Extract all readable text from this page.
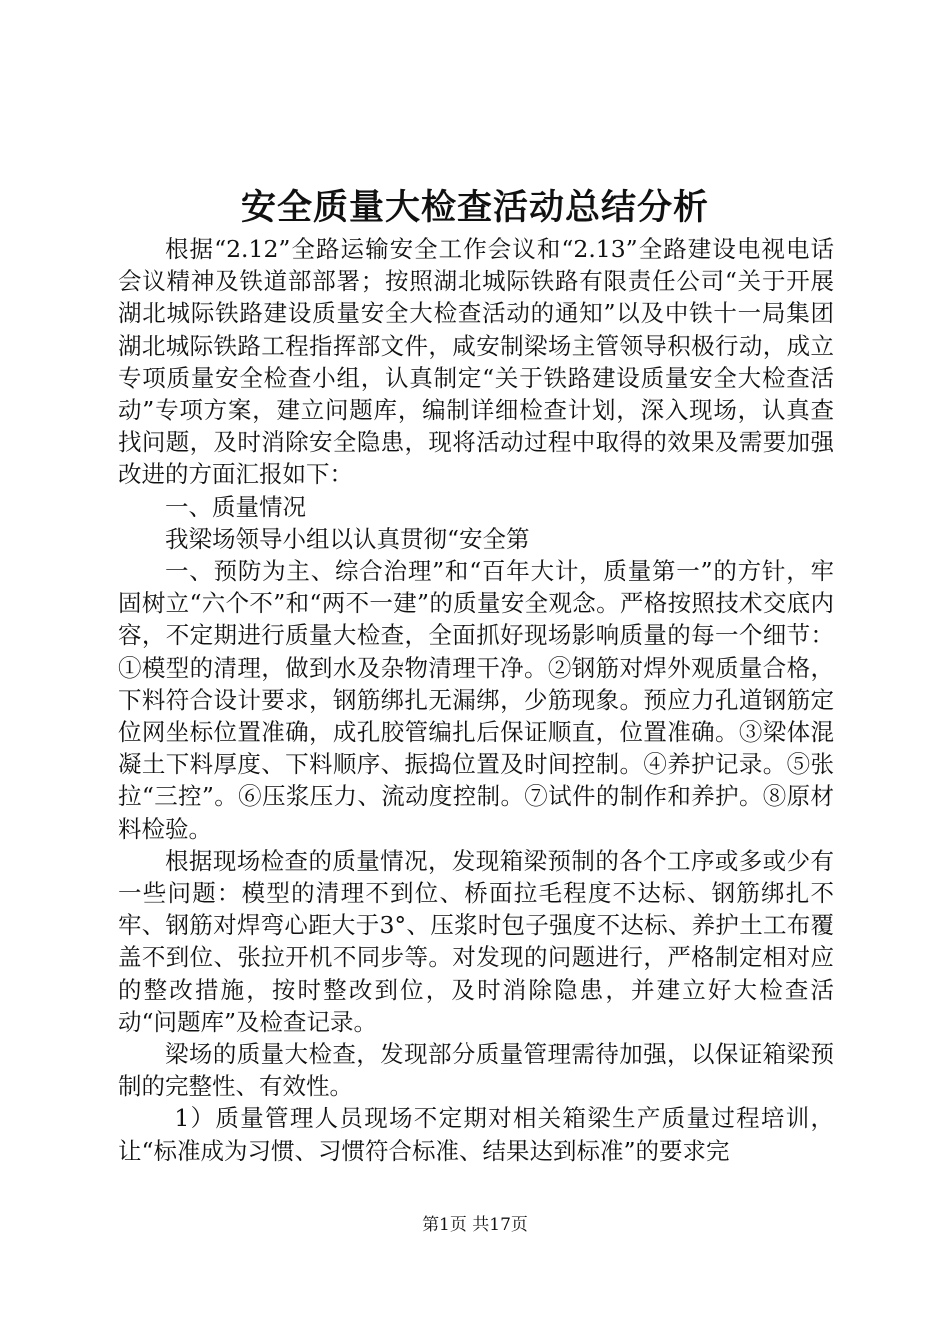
安全质量大检查活动总结分析

根据“2.12”全路运输安全工作会议和“2.13”全路建设电视电话会议精神及铁道部部署；按照湖北城际铁路有限责任公司“关于开展湖北城际铁路建设质量安全大检查活动的通知”以及中铁十一局集团湖北城际铁路工程指挥部文件，咸安制梁场主管领导积极行动，成立专项质量安全检查小组，认真制定“关于铁路建设质量安全大检查活动”专项方案，建立问题库，编制详细检查计划，深入现场，认真查找问题，及时消除安全隐患，现将活动过程中取得的效果及需要加强改进的方面汇报如下：

一、质量情况

我梁场领导小组以认真贯彻“安全第

一、预防为主、综合治理”和“百年大计，质量第一”的方针，牢固树立“六个不”和“两不一建”的质量安全观念。严格按照技术交底内容，不定期进行质量大检查，全面抓好现场影响质量的每一个细节：①模型的清理，做到水及杂物清理干净。②钢筋对焊外观质量合格，下料符合设计要求，钢筋绑扎无漏绑，少筋现象。预应力孔道钢筋定位网坐标位置准确，成孔胶管编扎后保证顺直，位置准确。③梁体混凝土下料厚度、下料顺序、振捣位置及时间控制。④养护记录。⑤张拉“三控”。⑥压浆压力、流动度控制。⑦试件的制作和养护。⑧原材料检验。

根据现场检查的质量情况，发现箱梁预制的各个工序或多或少有一些问题：模型的清理不到位、桥面拉毛程度不达标、钢筋绑扎不牢、钢筋对焊弯心距大于3°、压浆时包子强度不达标、养护土工布覆盖不到位、张拉开机不同步等。对发现的问题进行，严格制定相对应的整改措施，按时整改到位，及时消除隐患，并建立好大检查活动“问题库”及检查记录。

梁场的质量大检查，发现部分质量管理需待加强，以保证箱梁预制的完整性、有效性。

1）质量管理人员现场不定期对相关箱梁生产质量过程培训，让“标准成为习惯、习惯符合标准、结果达到标准”的要求完

第1页 共17页
